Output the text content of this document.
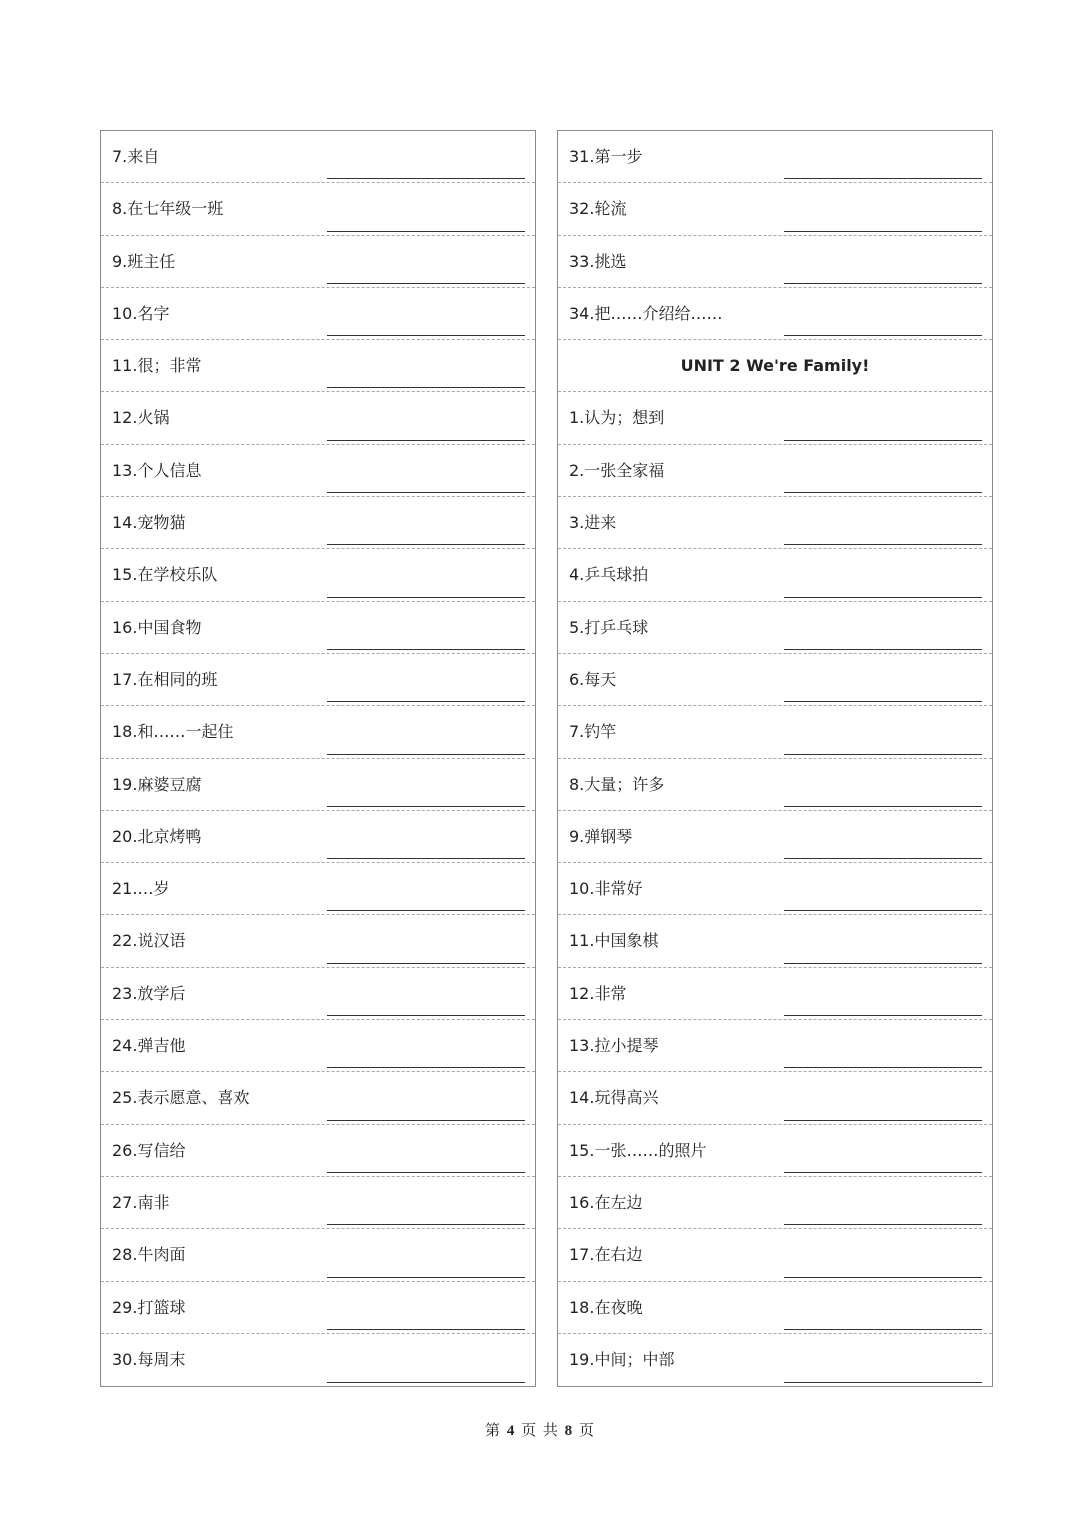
7.来自
8.在七年级一班
9.班主任
10.名字
11.很；非常
12.火锅
13.个人信息
14.宠物猫
15.在学校乐队
16.中国食物
17.在相同的班
18.和……一起住
19.麻婆豆腐
20.北京烤鸭
21.…岁
22.说汉语
23.放学后
24.弹吉他
25.表示愿意、喜欢
26.写信给
27.南非
28.牛肉面
29.打篮球
30.每周末
31.第一步
32.轮流
33.挑选
34.把……介绍给……
UNIT 2 We're Family!
1.认为；想到
2.一张全家福
3.进来
4.乒乓球拍
5.打乒乓球
6.每天
7.钓竿
8.大量；许多
9.弹钢琴
10.非常好
11.中国象棋
12.非常
13.拉小提琴
14.玩得高兴
15.一张……的照片
16.在左边
17.在右边
18.在夜晚
19.中间；中部
第 4 页 共 8 页
